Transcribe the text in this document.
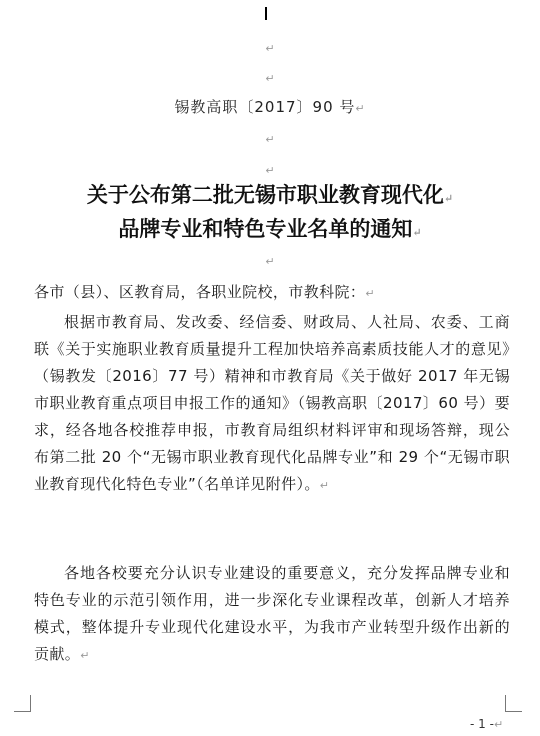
↵
↵
锡教高职〔2017〕90 号↵
↵
↵
关于公布第二批无锡市职业教育现代化↵
品牌专业和特色专业名单的通知↵
↵
各市（县）、区教育局，各职业院校，市教科院：↵
根据市教育局、发改委、经信委、财政局、人社局、农委、工商联《关于实施职业教育质量提升工程加快培养高素质技能人才的意见》（锡教发〔2016〕77 号）精神和市教育局《关于做好 2017 年无锡市职业教育重点项目申报工作的通知》（锡教高职〔2017〕60 号）要求，经各地各校推荐申报，市教育局组织材料评审和现场答辩，现公布第二批 20 个“无锡市职业教育现代化品牌专业”和 29 个“无锡市职业教育现代化特色专业”（名单详见附件）。↵
各地各校要充分认识专业建设的重要意义，充分发挥品牌专业和特色专业的示范引领作用，进一步深化专业课程改革，创新人才培养模式，整体提升专业现代化建设水平，为我市产业转型升级作出新的贡献。↵
- 1 -↵
